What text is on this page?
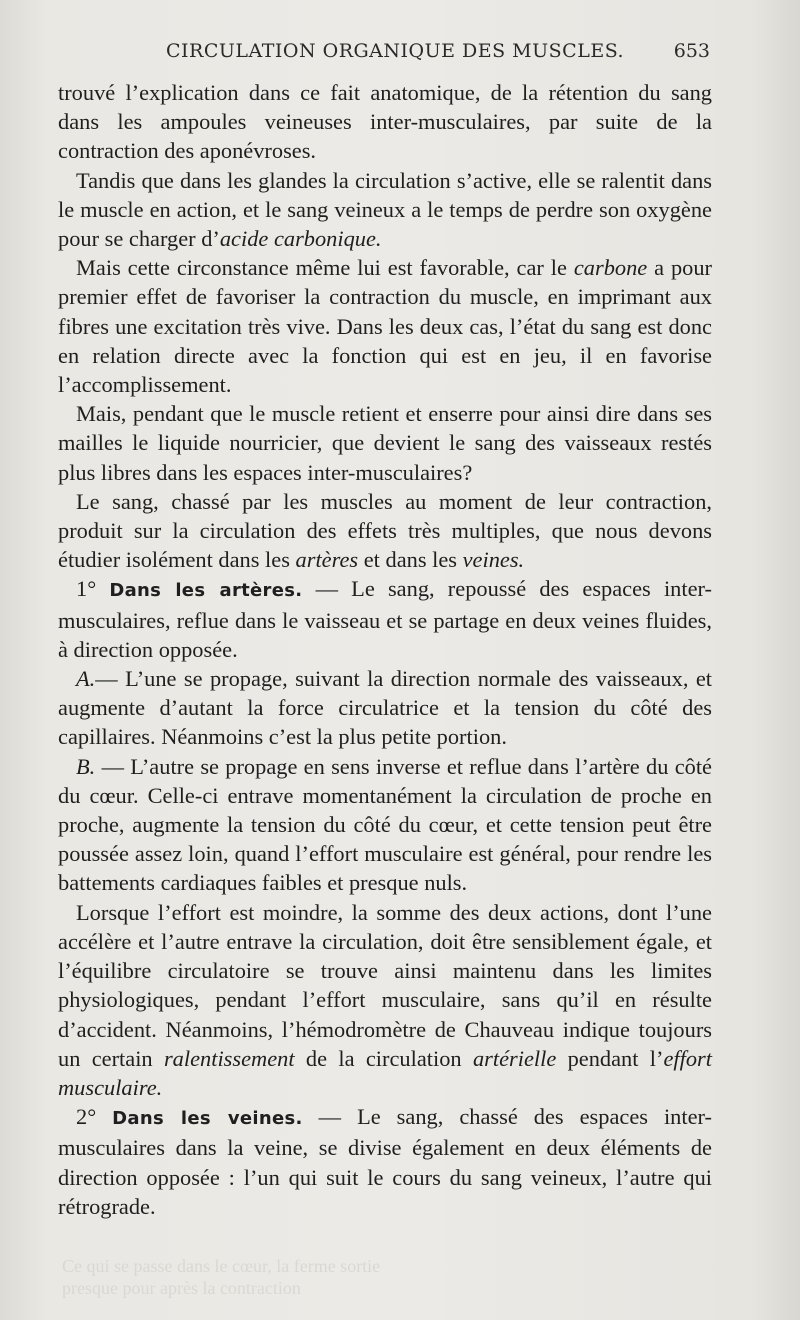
Ce qui se passe dans le cœur, la ferme sortie
presque pour après la contraction
CIRCULATION ORGANIQUE DES MUSCLES.	653

trouvé l’explication dans ce fait anatomique, de la rétention du sang dans les ampoules veineuses inter-musculaires, par suite de la contraction des aponévroses.

Tandis que dans les glandes la circulation s’active, elle se ralentit dans le muscle en action, et le sang veineux a le temps de perdre son oxygène pour se charger d’acide carbonique.

Mais cette circonstance même lui est favorable, car le carbone a pour premier effet de favoriser la contraction du muscle, en imprimant aux fibres une excitation très vive. Dans les deux cas, l’état du sang est donc en relation directe avec la fonction qui est en jeu, il en favorise l’accomplissement.

Mais, pendant que le muscle retient et enserre pour ainsi dire dans ses mailles le liquide nourricier, que devient le sang des vaisseaux restés plus libres dans les espaces inter-musculaires?

Le sang, chassé par les muscles au moment de leur contraction, produit sur la circulation des effets très multiples, que nous devons étudier isolément dans les artères et dans les veines.

1° Dans les artères. — Le sang, repoussé des espaces inter-musculaires, reflue dans le vaisseau et se partage en deux veines fluides, à direction opposée.

A.— L’une se propage, suivant la direction normale des vaisseaux, et augmente d’autant la force circulatrice et la tension du côté des capillaires. Néanmoins c’est la plus petite portion.

B. — L’autre se propage en sens inverse et reflue dans l’artère du côté du cœur. Celle-ci entrave momentanément la circulation de proche en proche, augmente la tension du côté du cœur, et cette tension peut être poussée assez loin, quand l’effort musculaire est général, pour rendre les battements cardiaques faibles et presque nuls.

Lorsque l’effort est moindre, la somme des deux actions, dont l’une accélère et l’autre entrave la circulation, doit être sensiblement égale, et l’équilibre circulatoire se trouve ainsi maintenu dans les limites physiologiques, pendant l’effort musculaire, sans qu’il en résulte d’accident. Néanmoins, l’hémodromètre de Chauveau indique toujours un certain ralentissement de la circulation artérielle pendant l’effort musculaire.

2° Dans les veines. — Le sang, chassé des espaces inter-musculaires dans la veine, se divise également en deux éléments de direction opposée : l’un qui suit le cours du sang veineux, l’autre qui rétrograde.
